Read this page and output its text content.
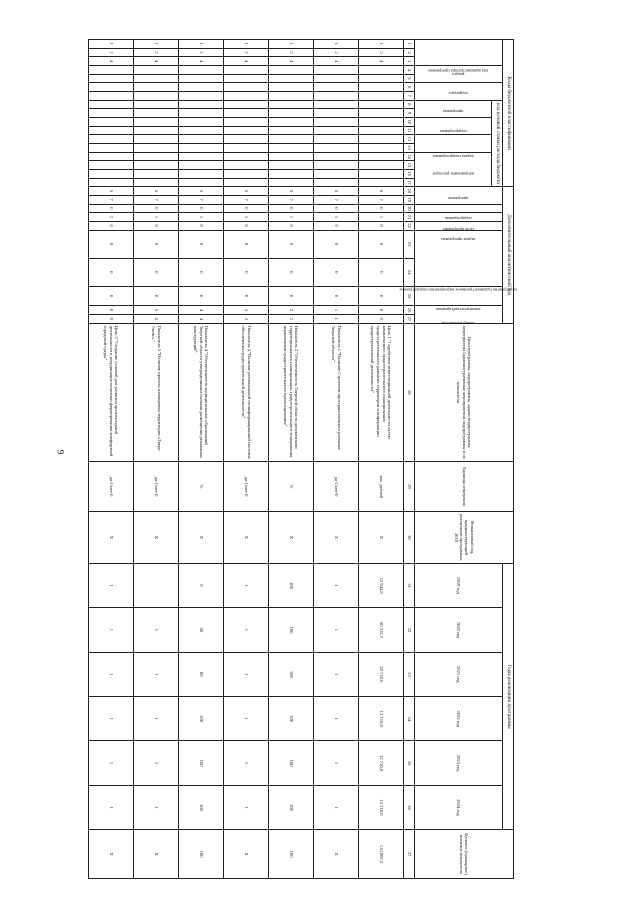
9
Коды бюджетной классификации																	Дополнительный аналитический код										Цели программы, подпрограммы, задачи подпрограммы, мероприятия (административные мероприятия) подпрограммы и их показатели	Единица измерения	Финансовый год, предшествующий реализации программы, 2018	Годы реализации программы						Целевое (суммарное) значение показателя
код администратора программы			раздел		подраздел		код целевой статьи расхода бюджета										программа		подпрограмма	цель программы	задача программы	мероприятие (административное мероприятие) подпрограммы		аналитический признак	номер показателя					2019 год	2020 год	2021 год	2022 год	2023 год	2024 год	
							программа		подпрограмма		задача подпрограммы		направление расходов																							
1	2	3	4	5	6	7	8	9	10	11	12	13	14	15	16	17	18	19	20	21	22	23	24	25	26	27	28	29	30	31	32	33	34	35	36	37
1	2	4															5	7	0	1	0	0	0	0	0	0	Цель 1 "Содействие инвестиционной деятельности путем комплексного градостроительного планирования градостроительного развития территории и информации градостроительной деятельности"	тыс. рублей	X	23 944,8	50 312,7	20 710,0	12 710,0	12 710,0	12 710,0	133 097,5
1	2	4															5	7	0	1	0	0	0	0	1	1	Показатель 1 "Наличие Стратегии пространственного развития Тверской области"	да-1/нет-0	X	1	1	1	1	1	1	X
1	2	4															5	7	0	1	0	0	0	0	2	2	Показатель 2 "Обеспеченность Тверской области документами территориального планирования, градостроительного зонирования, нормативами градостроительного проектирования"	%	X	100	100	100	100	100	100	100
1	2	4															5	7	0	1	0	0	0	0	3	3	Показатель 3 "Наличие региональной геоинформационной системы обеспечения градостроительной деятельности"	да-1/нет-0	X	1	1	1	1	1	1	X
1	2	4															5	7	0	1	0	0	0	0	4	4	Показатель 4 "Обеспеченность муниципальных образований Тверской области утвержденными схемами размещения рекламных конструкций"	%	X	0	50	80	100	100	100	100
1	2	4															5	7	0	1	0	0	0	0	5	5	Показатель 5 "Наличие проекта планировки территории «Тверь-Экспо»"	да-1/нет-0	X		1	1	1	1	1	X
1	2	4															5	7	0	2	0	0	0	0	0	0	Цель 2 "Создание условий для развития архитектурной деятельности и координация политики формирования комфортной городской среды"	да-1/нет-0	X	1	1	1	1	1	1	X
